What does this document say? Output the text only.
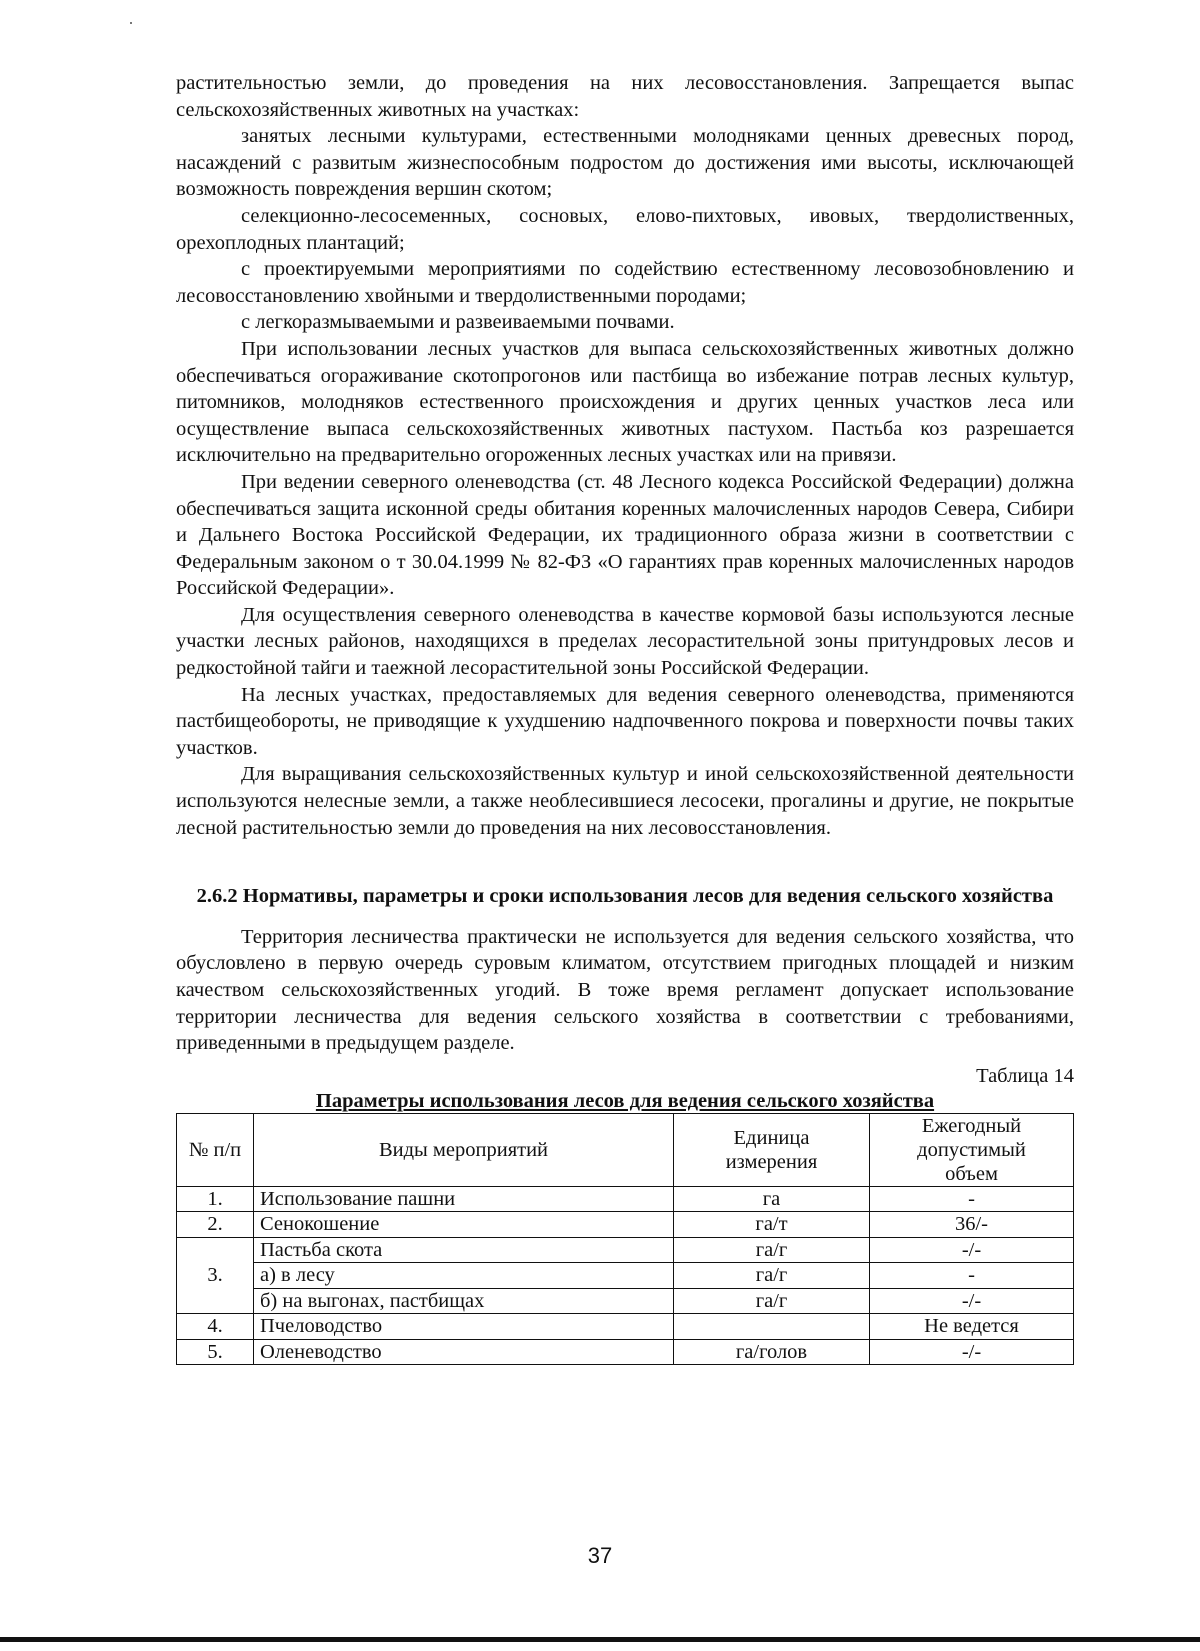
растительностью земли, до проведения на них лесовосстановления. Запрещается выпас сельскохозяйственных животных на участках:

занятых лесными культурами, естественными молодняками ценных древесных пород, насаждений с развитым жизнеспособным подростом до достижения ими высоты, исключающей возможность повреждения вершин скотом;

селекционно-лесосеменных, сосновых, елово-пихтовых, ивовых, твердолиственных, орехоплодных плантаций;

с проектируемыми мероприятиями по содействию естественному лесовозобновлению и лесовосстановлению хвойными и твердолиственными породами;

с легкоразмываемыми и развеиваемыми почвами.

При использовании лесных участков для выпаса сельскохозяйственных животных должно обеспечиваться огораживание скотопрогонов или пастбища во избежание потрав лесных культур, питомников, молодняков естественного происхождения и других ценных участков леса или осуществление выпаса сельскохозяйственных животных пастухом. Пастьба коз разрешается исключительно на предварительно огороженных лесных участках или на привязи.

При ведении северного оленеводства (ст. 48 Лесного кодекса Российской Федерации) должна обеспечиваться защита исконной среды обитания коренных малочисленных народов Севера, Сибири и Дальнего Востока Российской Федерации, их традиционного образа жизни в соответствии с Федеральным законом о т 30.04.1999 № 82-ФЗ «О гарантиях прав коренных малочисленных народов Российской Федерации».

Для осуществления северного оленеводства в качестве кормовой базы используются лесные участки лесных районов, находящихся в пределах лесорастительной зоны притундровых лесов и редкостойной тайги и таежной лесорастительной зоны Российской Федерации.

На лесных участках, предоставляемых для ведения северного оленеводства, применяются пастбищеобороты, не приводящие к ухудшению надпочвенного покрова и поверхности почвы таких участков.

Для выращивания сельскохозяйственных культур и иной сельскохозяйственной деятельности используются нелесные земли, а также необлесившиеся лесосеки, прогалины и другие, не покрытые лесной растительностью земли до проведения на них лесовосстановления.

2.6.2 Нормативы, параметры и сроки использования лесов для ведения сельского хозяйства

Территория лесничества практически не используется для ведения сельского хозяйства, что обусловлено в первую очередь суровым климатом, отсутствием пригодных площадей и низким качеством сельскохозяйственных угодий. В тоже время регламент допускает использование территории лесничества для ведения сельского хозяйства в соответствии с требованиями, приведенными в предыдущем разделе.

Таблица 14
Параметры использования лесов для ведения сельского хозяйства
№ п/п	Виды мероприятий	Единица измерения	Ежегодный допустимый объем
1.	Использование пашни	га	-
2.	Сенокошение	га/т	36/-
3.	Пастьба скота	га/г	-/-
	а) в лесу	га/г	-
	б) на выгонах, пастбищах	га/г	-/-
4.	Пчеловодство		Не ведется
5.	Оленеводство	га/голов	-/-
37
